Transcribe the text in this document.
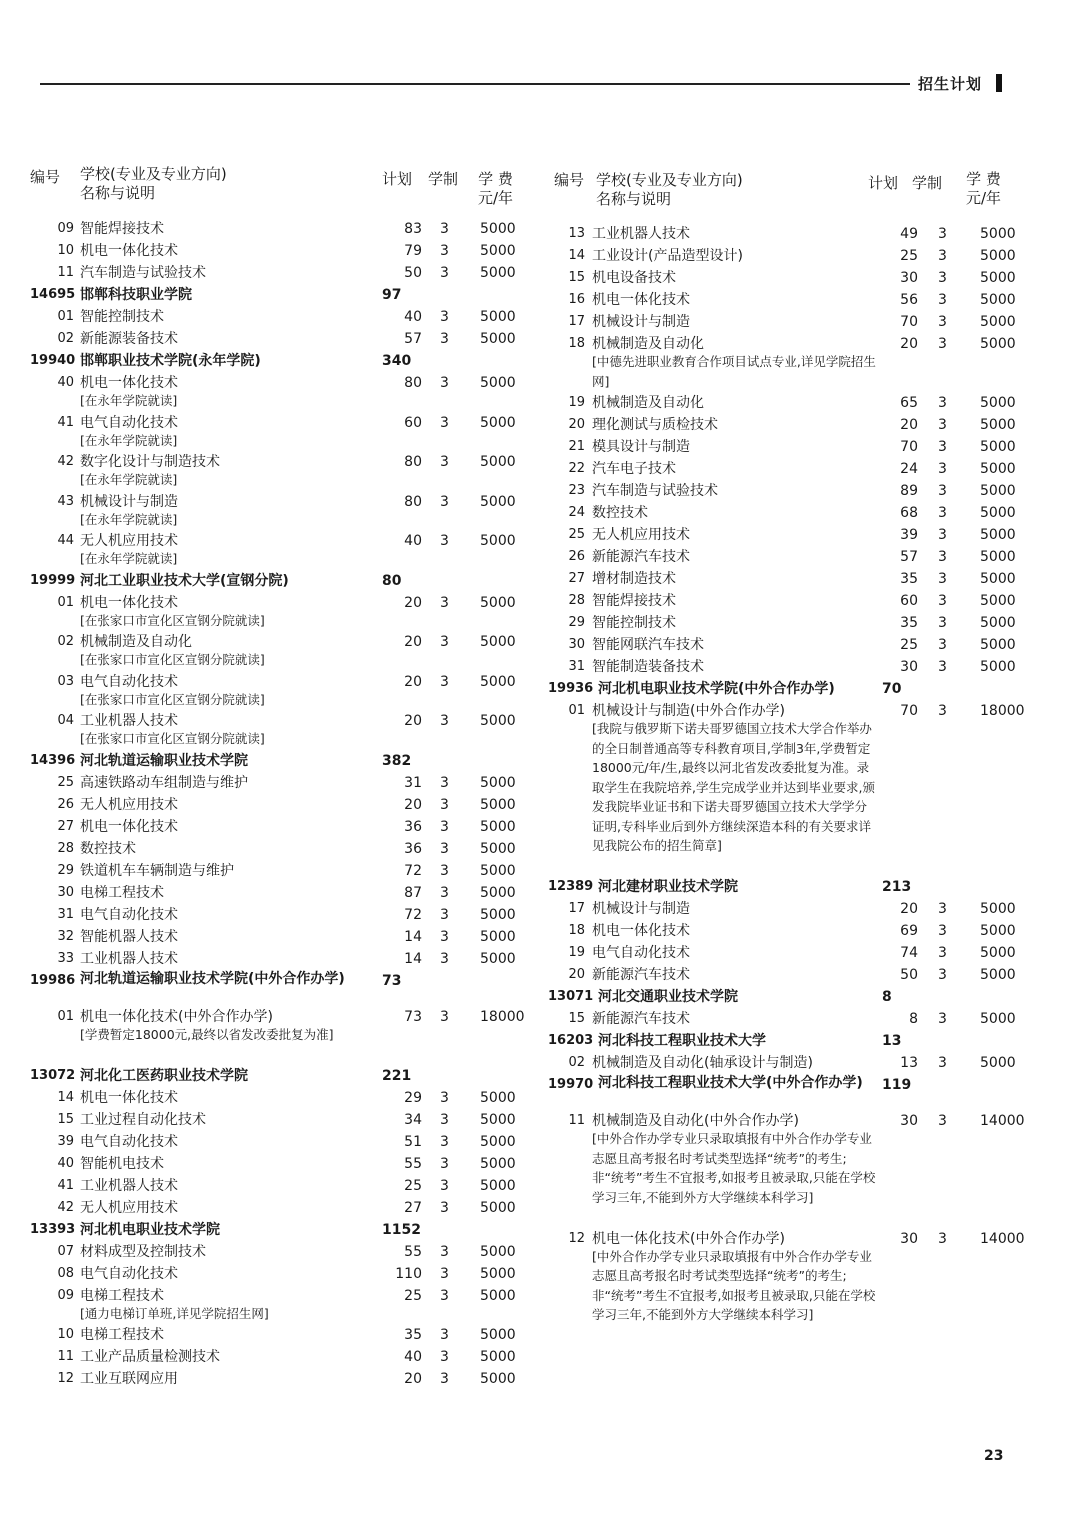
招生计划
编号 学校(专业及专业方向)
名称与说明
计划 学制 学 费
元/年
09 智能焊接技术	83 3 5000
10 机电一体化技术	79 3 5000
11 汽车制造与试验技术	50 3 5000
14695 邯郸科技职业学院	97
01 智能控制技术	40 3 5000
02 新能源装备技术	57 3 5000
19940 邯郸职业技术学院(永年学院)	340
40 机电一体化技术	80 3 5000
[在永年学院就读]
41 电气自动化技术	60 3 5000
[在永年学院就读]
42 数字化设计与制造技术	80 3 5000
[在永年学院就读]
43 机械设计与制造	80 3 5000
[在永年学院就读]
44 无人机应用技术	40 3 5000
[在永年学院就读]
19999 河北工业职业技术大学(宣钢分院)	80
01 机电一体化技术	20 3 5000
[在张家口市宣化区宣钢分院就读]
02 机械制造及自动化	20 3 5000
[在张家口市宣化区宣钢分院就读]
03 电气自动化技术	20 3 5000
[在张家口市宣化区宣钢分院就读]
04 工业机器人技术	20 3 5000
[在张家口市宣化区宣钢分院就读]
14396 河北轨道运输职业技术学院	382
25 高速铁路动车组制造与维护	31 3 5000
26 无人机应用技术	20 3 5000
27 机电一体化技术	36 3 5000
28 数控技术	36 3 5000
29 铁道机车车辆制造与维护	72 3 5000
30 电梯工程技术	87 3 5000
31 电气自动化技术	72 3 5000
32 智能机器人技术	14 3 5000
33 工业机器人技术	14 3 5000
19986 河北轨道运输职业技术学院(中外合作办学)	73
01 机电一体化技术(中外合作办学)	73 3 18000
[学费暂定18000元,最终以省发改委批复为准]
13072 河北化工医药职业技术学院	221
14 机电一体化技术	29 3 5000
15 工业过程自动化技术	34 3 5000
39 电气自动化技术	51 3 5000
40 智能机电技术	55 3 5000
41 工业机器人技术	25 3 5000
42 无人机应用技术	27 3 5000
13393 河北机电职业技术学院	1152
07 材料成型及控制技术	55 3 5000
08 电气自动化技术	110 3 5000
09 电梯工程技术	25 3 5000
[通力电梯订单班,详见学院招生网]
10 电梯工程技术	35 3 5000
11 工业产品质量检测技术	40 3 5000
12 工业互联网应用	20 3 5000
编号 学校(专业及专业方向)
名称与说明
计划 学制 学 费
元/年
13 工业机器人技术	49 3 5000
14 工业设计(产品造型设计)	25 3 5000
15 机电设备技术	30 3 5000
16 机电一体化技术	56 3 5000
17 机械设计与制造	70 3 5000
18 机械制造及自动化	20 3 5000
[中德先进职业教育合作项目试点专业,详见学院招生网]
19 机械制造及自动化	65 3 5000
20 理化测试与质检技术	20 3 5000
21 模具设计与制造	70 3 5000
22 汽车电子技术	24 3 5000
23 汽车制造与试验技术	89 3 5000
24 数控技术	68 3 5000
25 无人机应用技术	39 3 5000
26 新能源汽车技术	57 3 5000
27 增材制造技术	35 3 5000
28 智能焊接技术	60 3 5000
29 智能控制技术	35 3 5000
30 智能网联汽车技术	25 3 5000
31 智能制造装备技术	30 3 5000
19936 河北机电职业技术学院(中外合作办学)	70
01 机械设计与制造(中外合作办学)	70 3 18000
[我院与俄罗斯下诺夫哥罗德国立技术大学合作举办的全日制普通高等专科教育项目,学制3年,学费暂定18000元/年/生,最终以河北省发改委批复为准。录取学生在我院培养,学生完成学业并达到毕业要求,颁发我院毕业证书和下诺夫哥罗德国立技术大学学分证明,专科毕业后到外方继续深造本科的有关要求详见我院公布的招生简章]
12389 河北建材职业技术学院	213
17 机械设计与制造	20 3 5000
18 机电一体化技术	69 3 5000
19 电气自动化技术	74 3 5000
20 新能源汽车技术	50 3 5000
13071 河北交通职业技术学院	8
15 新能源汽车技术	8 3 5000
16203 河北科技工程职业技术大学	13
02 机械制造及自动化(轴承设计与制造)	13 3 5000
19970 河北科技工程职业技术大学(中外合作办学)	119
11 机械制造及自动化(中外合作办学)	30 3 14000
[中外合作办学专业只录取填报有中外合作办学专业志愿且高考报名时考试类型选择“统考”的考生;非“统考”考生不宜报考,如报考且被录取,只能在学校学习三年,不能到外方大学继续本科学习]
12 机电一体化技术(中外合作办学)	30 3 14000
[中外合作办学专业只录取填报有中外合作办学专业志愿且高考报名时考试类型选择“统考”的考生;非“统考”考生不宜报考,如报考且被录取,只能在学校学习三年,不能到外方大学继续本科学习]
23
